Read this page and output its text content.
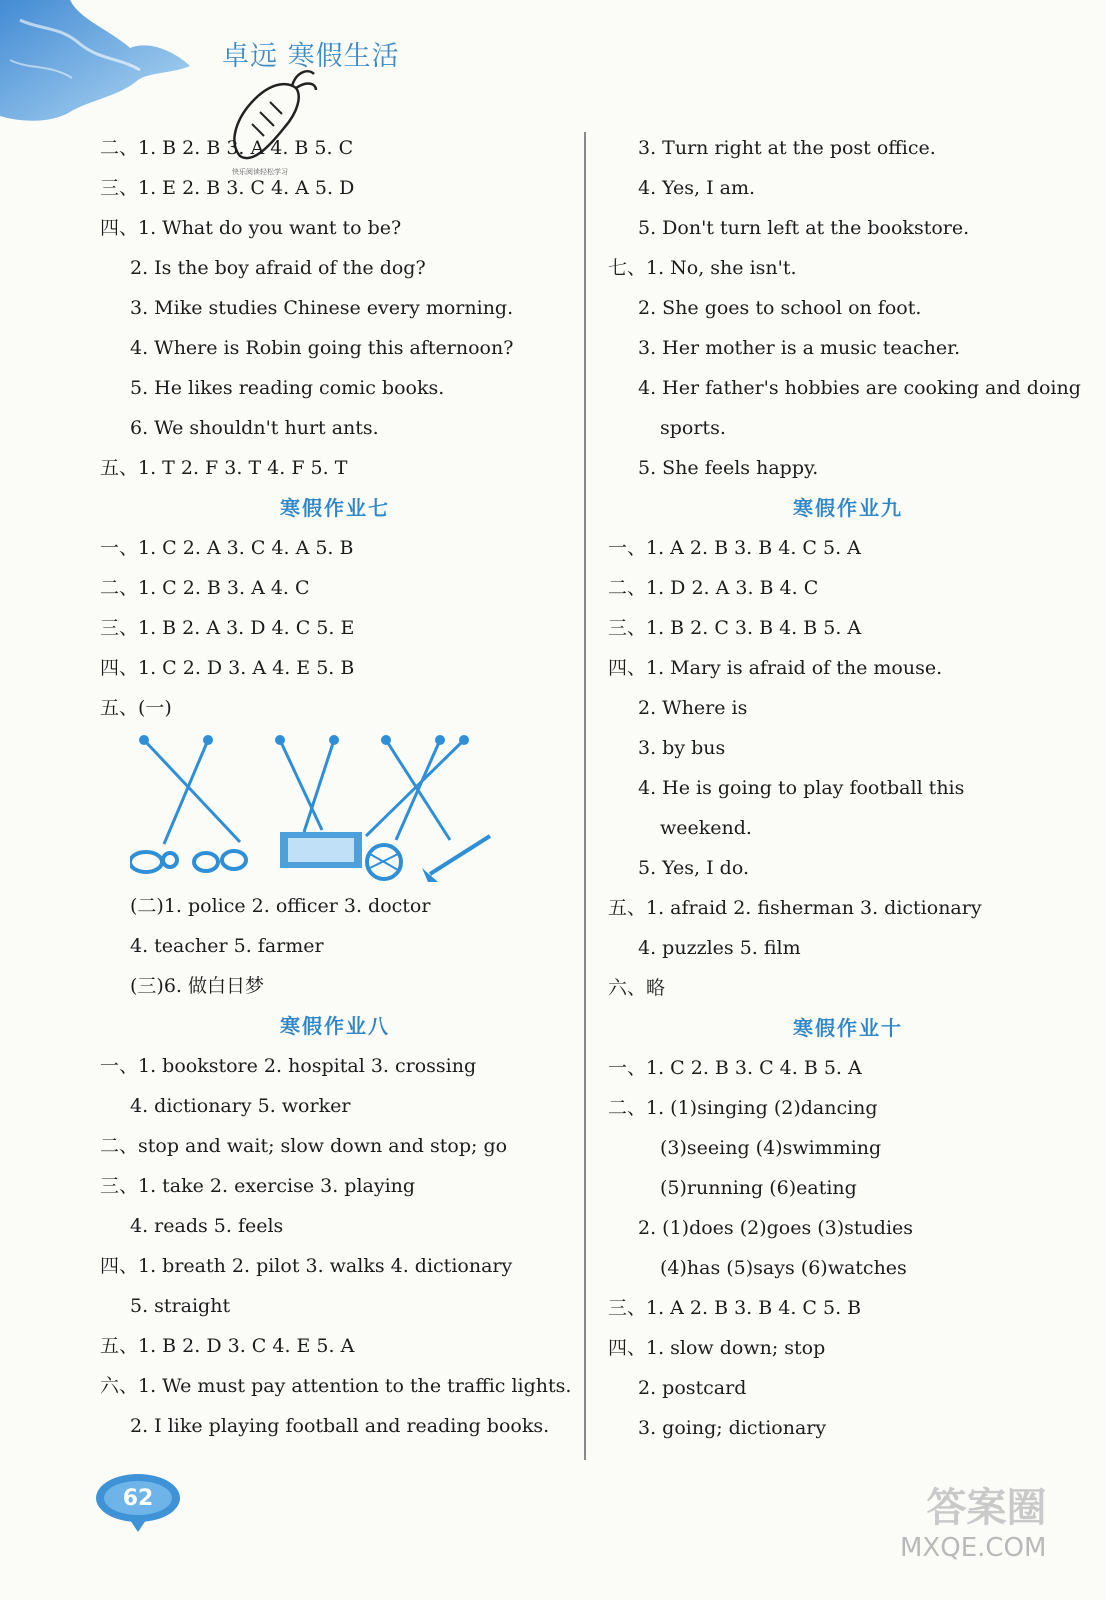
卓远 寒假生活
快乐阅读轻松学习
二、1. B 2. B 3. A 4. B 5. C
三、1. E 2. B 3. C 4. A 5. D
四、1. What do you want to be?
2. Is the boy afraid of the dog?
3. Mike studies Chinese every morning.
4. Where is Robin going this afternoon?
5. He likes reading comic books.
6. We shouldn't hurt ants.
五、1. T 2. F 3. T 4. F 5. T
寒假作业七
一、1. C 2. A 3. C 4. A 5. B
二、1. C 2. B 3. A 4. C
三、1. B 2. A 3. D 4. C 5. E
四、1. C 2. D 3. A 4. E 5. B
五、(一)
(二)1. police 2. officer 3. doctor
4. teacher 5. farmer
(三)6. 做白日梦
寒假作业八
一、1. bookstore 2. hospital 3. crossing
4. dictionary 5. worker
二、stop and wait; slow down and stop; go
三、1. take 2. exercise 3. playing
4. reads 5. feels
四、1. breath 2. pilot 3. walks 4. dictionary
5. straight
五、1. B 2. D 3. C 4. E 5. A
六、1. We must pay attention to the traffic lights.
2. I like playing football and reading books.
3. Turn right at the post office.
4. Yes, I am.
5. Don't turn left at the bookstore.
七、1. No, she isn't.
2. She goes to school on foot.
3. Her mother is a music teacher.
4. Her father's hobbies are cooking and doing
sports.
5. She feels happy.
寒假作业九
一、1. A 2. B 3. B 4. C 5. A
二、1. D 2. A 3. B 4. C
三、1. B 2. C 3. B 4. B 5. A
四、1. Mary is afraid of the mouse.
2. Where is
3. by bus
4. He is going to play football this
weekend.
5. Yes, I do.
五、1. afraid 2. fisherman 3. dictionary
4. puzzles 5. film
六、略
寒假作业十
一、1. C 2. B 3. C 4. B 5. A
二、1. (1)singing (2)dancing
(3)seeing (4)swimming
(5)running (6)eating
2. (1)does (2)goes (3)studies
(4)has (5)says (6)watches
三、1. A 2. B 3. B 4. C 5. B
四、1. slow down; stop
2. postcard
3. going; dictionary
62	答案圈
MXQE.COM
